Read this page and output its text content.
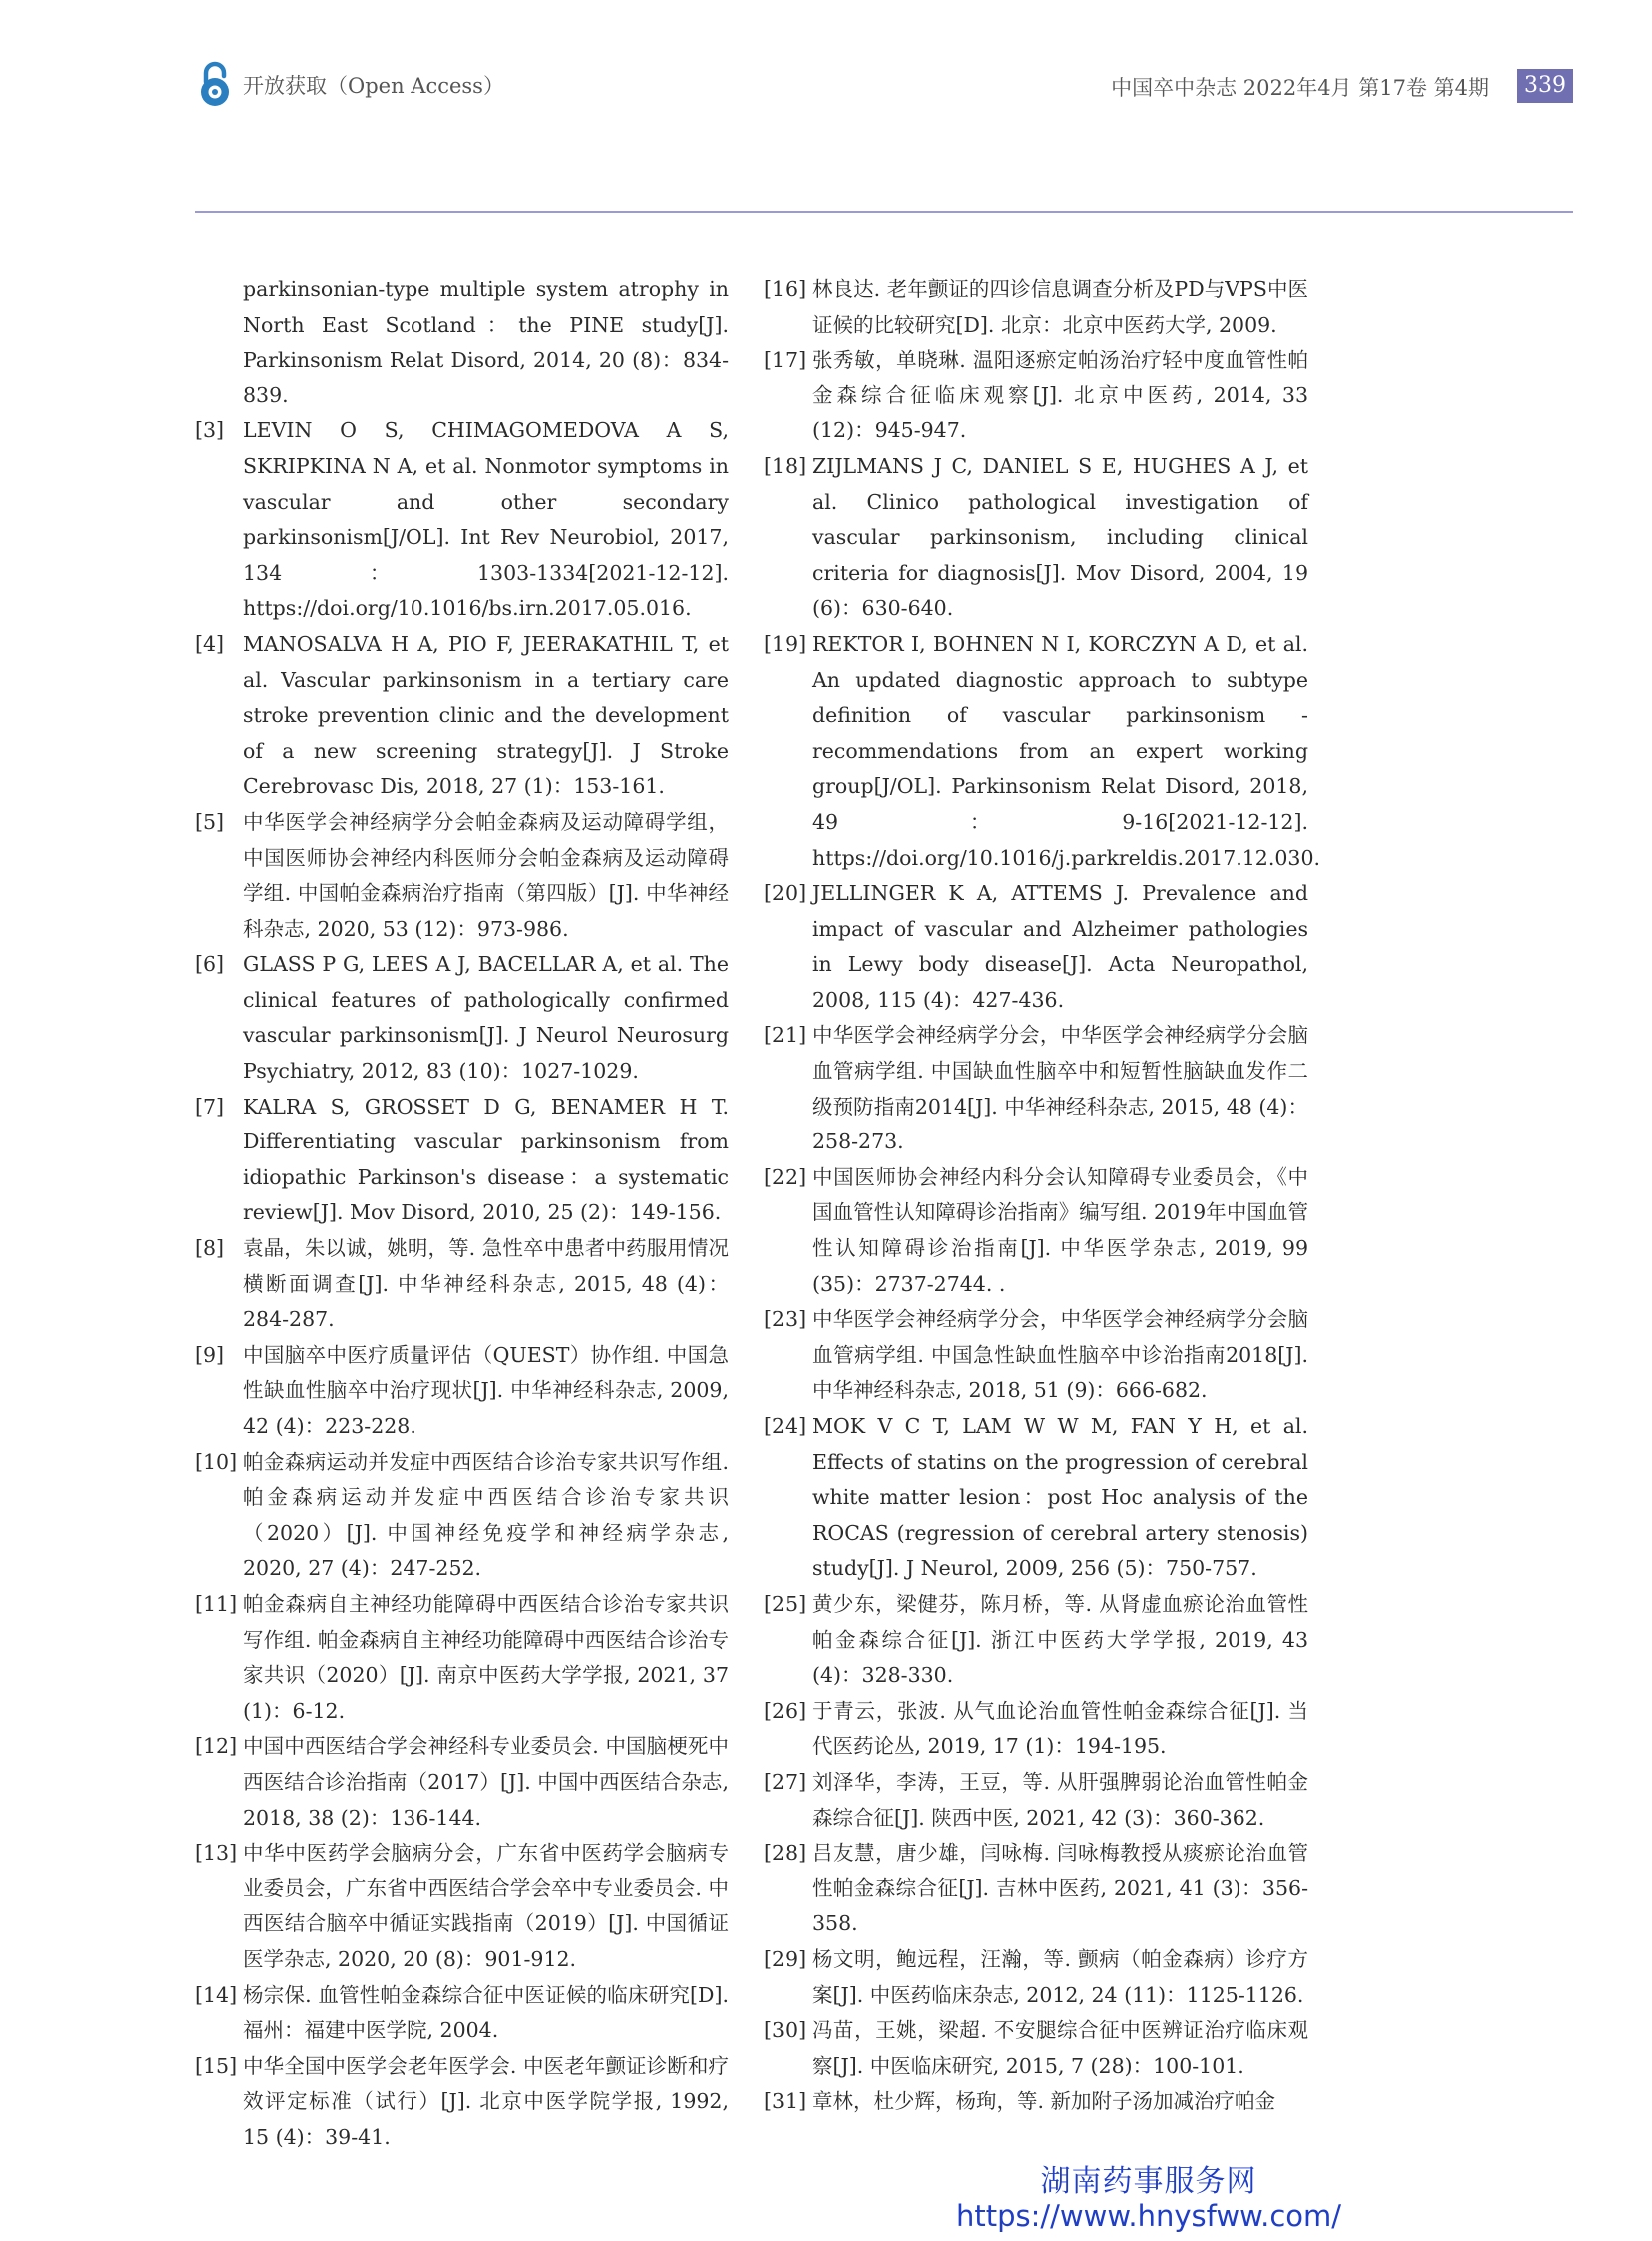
开放获取（Open Access）	中国卒中杂志 2022年4月 第17卷 第4期	339
parkinsonian-type multiple system atrophy in North East Scotland：the PINE study[J]. Parkinsonism Relat Disord, 2014, 20 (8)：834-839.
[3] LEVIN O S, CHIMAGOMEDOVA A S, SKRIPKINA N A, et al. Nonmotor symptoms in vascular and other secondary parkinsonism[J/OL]. Int Rev Neurobiol, 2017, 134：1303-1334[2021-12-12]. https://doi.org/10.1016/bs.irn.2017.05.016.
[4] MANOSALVA H A, PIO F, JEERAKATHIL T, et al. Vascular parkinsonism in a tertiary care stroke prevention clinic and the development of a new screening strategy[J]. J Stroke Cerebrovasc Dis, 2018, 27 (1)：153-161.
[5] 中华医学会神经病学分会帕金森病及运动障碍学组，中国医师协会神经内科医师分会帕金森病及运动障碍学组. 中国帕金森病治疗指南（第四版）[J]. 中华神经科杂志, 2020, 53 (12)：973-986.
[6] GLASS P G, LEES A J, BACELLAR A, et al. The clinical features of pathologically confirmed vascular parkinsonism[J]. J Neurol Neurosurg Psychiatry, 2012, 83 (10)：1027-1029.
[7] KALRA S, GROSSET D G, BENAMER H T. Differentiating vascular parkinsonism from idiopathic Parkinson's disease：a systematic review[J]. Mov Disord, 2010, 25 (2)：149-156.
[8] 袁晶，朱以诚，姚明，等. 急性卒中患者中药服用情况横断面调查[J]. 中华神经科杂志, 2015, 48 (4)：284-287.
[9] 中国脑卒中医疗质量评估（QUEST）协作组. 中国急性缺血性脑卒中治疗现状[J]. 中华神经科杂志, 2009, 42 (4)：223-228.
[10] 帕金森病运动并发症中西医结合诊治专家共识写作组. 帕金森病运动并发症中西医结合诊治专家共识（2020）[J]. 中国神经免疫学和神经病学杂志, 2020, 27 (4)：247-252.
[11] 帕金森病自主神经功能障碍中西医结合诊治专家共识写作组. 帕金森病自主神经功能障碍中西医结合诊治专家共识（2020）[J]. 南京中医药大学学报, 2021, 37 (1)：6-12.
[12] 中国中西医结合学会神经科专业委员会. 中国脑梗死中西医结合诊治指南（2017）[J]. 中国中西医结合杂志, 2018, 38 (2)：136-144.
[13] 中华中医药学会脑病分会，广东省中医药学会脑病专业委员会，广东省中西医结合学会卒中专业委员会. 中西医结合脑卒中循证实践指南（2019）[J]. 中国循证医学杂志, 2020, 20 (8)：901-912.
[14] 杨宗保. 血管性帕金森综合征中医证候的临床研究[D]. 福州：福建中医学院, 2004.
[15] 中华全国中医学会老年医学会. 中医老年颤证诊断和疗效评定标准（试行）[J]. 北京中医学院学报, 1992, 15 (4)：39-41.
[16] 林良达. 老年颤证的四诊信息调查分析及PD与VPS中医证候的比较研究[D]. 北京：北京中医药大学, 2009.
[17] 张秀敏，单晓琳. 温阳逐瘀定帕汤治疗轻中度血管性帕金森综合征临床观察[J]. 北京中医药, 2014, 33 (12)：945-947.
[18] ZIJLMANS J C, DANIEL S E, HUGHES A J, et al. Clinico pathological investigation of vascular parkinsonism, including clinical criteria for diagnosis[J]. Mov Disord, 2004, 19 (6)：630-640.
[19] REKTOR I, BOHNEN N I, KORCZYN A D, et al. An updated diagnostic approach to subtype definition of vascular parkinsonism - recommendations from an expert working group[J/OL]. Parkinsonism Relat Disord, 2018, 49：9-16[2021-12-12]. https://doi.org/10.1016/j.parkreldis.2017.12.030.
[20] JELLINGER K A, ATTEMS J. Prevalence and impact of vascular and Alzheimer pathologies in Lewy body disease[J]. Acta Neuropathol, 2008, 115 (4)：427-436.
[21] 中华医学会神经病学分会，中华医学会神经病学分会脑血管病学组. 中国缺血性脑卒中和短暂性脑缺血发作二级预防指南2014[J]. 中华神经科杂志, 2015, 48 (4)：258-273.
[22] 中国医师协会神经内科分会认知障碍专业委员会，《中国血管性认知障碍诊治指南》编写组. 2019年中国血管性认知障碍诊治指南[J]. 中华医学杂志, 2019, 99 (35)：2737-2744. .
[23] 中华医学会神经病学分会，中华医学会神经病学分会脑血管病学组. 中国急性缺血性脑卒中诊治指南2018[J]. 中华神经科杂志, 2018, 51 (9)：666-682.
[24] MOK V C T, LAM W W M, FAN Y H, et al. Effects of statins on the progression of cerebral white matter lesion：post Hoc analysis of the ROCAS (regression of cerebral artery stenosis) study[J]. J Neurol, 2009, 256 (5)：750-757.
[25] 黄少东，梁健芬，陈月桥，等. 从肾虚血瘀论治血管性帕金森综合征[J]. 浙江中医药大学学报, 2019, 43 (4)：328-330.
[26] 于青云，张波. 从气血论治血管性帕金森综合征[J]. 当代医药论丛, 2019, 17 (1)：194-195.
[27] 刘泽华，李涛，王豆，等. 从肝强脾弱论治血管性帕金森综合征[J]. 陕西中医, 2021, 42 (3)：360-362.
[28] 吕友慧，唐少雄，闫咏梅. 闫咏梅教授从痰瘀论治血管性帕金森综合征[J]. 吉林中医药, 2021, 41 (3)：356-358.
[29] 杨文明，鲍远程，汪瀚，等. 颤病（帕金森病）诊疗方案[J]. 中医药临床杂志, 2012, 24 (11)：1125-1126.
[30] 冯苗，王姚，梁超. 不安腿综合征中医辨证治疗临床观察[J]. 中医临床研究, 2015, 7 (28)：100-101.
[31] 章林，杜少辉，杨珣，等. 新加附子汤加减治疗帕金
湖南药事服务网
https://www.hnysfww.com/
